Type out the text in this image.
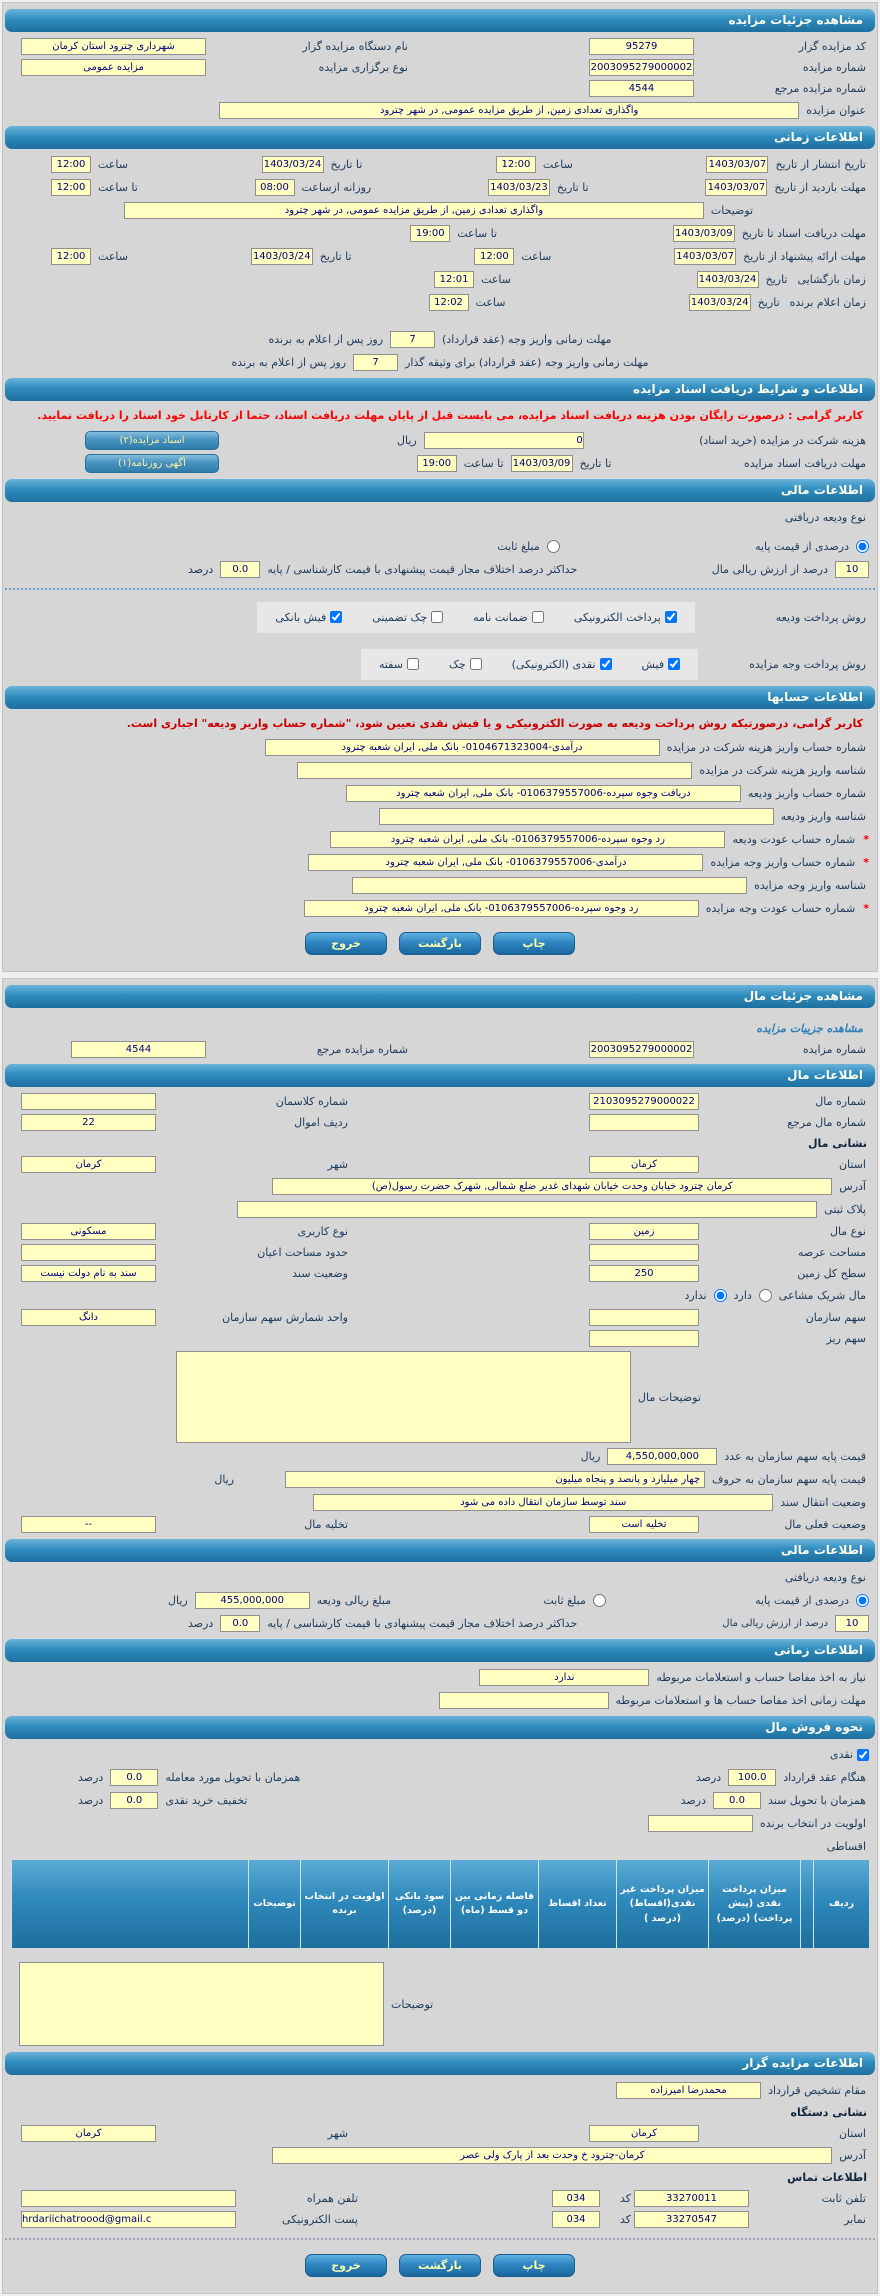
مشاهده جزئیات مزایده
کد مزایده گزار
95279
نام دستگاه مزایده گزار
شهرداری چترود استان کرمان
شماره مزایده
2003095279000002
نوع برگزاری مزایده
مزایده عمومی
شماره مزایده مرجع
4544
عنوان مزایده
واگذاری تعدادی زمین, از طریق مزایده عمومی, در شهر چترود
اطلاعات زمانی
تاریخ انتشار از تاریخ
1403/03/07
ساعت
12:00
تا تاریخ
1403/03/24
ساعت
12:00
مهلت بازدید از تاریخ
1403/03/07
تا تاریخ
1403/03/23
روزانه ازساعت
08:00
تا ساعت
12:00
توضیحات
واگذاری تعدادی زمین, از طریق مزایده عمومی, در شهر چترود
مهلت دریافت اسناد تا تاریخ
1403/03/09
تا ساعت
19:00
مهلت ارائه پیشنهاد از تاریخ
1403/03/07
ساعت
12:00
تا تاریخ
1403/03/24
ساعت
12:00
زمان بازگشایی
تاریخ
1403/03/24
ساعت
12:01
زمان اعلام برنده
تاریخ
1403/03/24
ساعت
12:02
مهلت زمانی واریز وجه (عقد قرارداد)
7
روز پس از اعلام به برنده
مهلت زمانی واریز وجه (عقد قرارداد) برای وثیقه گذار
7
روز پس از اعلام به برنده
اطلاعات و شرایط دریافت اسناد مزایده
کاربر گرامی : درصورت رایگان بودن هزینه دریافت اسناد مزایده، می بایست قبل از پایان مهلت دریافت اسناد، حتما از کارتابل خود اسناد را دریافت نمایید.
هزینه شرکت در مزایده (خرید اسناد)
0
ریال
اسناد مزایده(۲)
مهلت دریافت اسناد مزایده
تا تاریخ
1403/03/09
تا ساعت
19:00
آگهی روزنامه(۱)
اطلاعات مالی
نوع ودیعه دریافتی
درصدی از قیمت پایه
مبلغ ثابت
10
درصد از ارزش ریالی مال
حداکثر درصد اختلاف مجاز قیمت پیشنهادی با قیمت کارشناسی / پایه
0.0
درصد
روش پرداخت ودیعه
پرداخت الکترونیکی
ضمانت نامه
چک تضمینی
فیش بانکی
روش پرداخت وجه مزایده
فیش
نقدی (الکترونیکی)
چک
سفته
اطلاعات حسابها
کاربر گرامی، درصورتیکه روش پرداخت ودیعه به صورت الکترونیکی و یا فیش نقدی تعیین شود، "شماره حساب واریز ودیعه" اجباری است.
شماره حساب واریز هزینه شرکت در مزایده
درآمدی-0104671323004- بانک ملی, ایران شعبه چترود
شناسه واریز هزینه شرکت در مزایده
شماره حساب واریز ودیعه
دریافت وجوه سپرده-0106379557006- بانک ملی, ایران شعبه چترود
شناسه واریز ودیعه
*
شماره حساب عودت ودیعه
رد وجوه سپرده-0106379557006- بانک ملی, ایران شعبه چترود
*
شماره حساب واریز وجه مزایده
درآمدی-0106379557006- بانک ملی, ایران شعبه چترود
شناسه واریز وجه مزایده
*
شماره حساب عودت وجه مزایده
رد وجوه سپرده-0106379557006- بانک ملی, ایران شعبه چترود
چاپ
بازگشت
خروج
مشاهده جزئیات مال
مشاهده جزییات مزایده
شماره مزایده
2003095279000002
شماره مزایده مرجع
4544
اطلاعات مال
شماره مال
2103095279000022
شماره کلاسمان
شماره مال مرجع
ردیف اموال
22
نشانی مال
استان
کرمان
شهر
کرمان
آدرس
کرمان چترود خیابان وحدت خیابان شهدای غدیر ضلع شمالی, شهرک حضرت رسول(ص)
پلاک ثبتی
نوع مال
زمین
نوع کاربری
مسکونی
مساحت عرصه
حدود مساحت اعیان
سطح کل زمین
250
وضعیت سند
سند به نام دولت نیست
مال شریک مشاعی
دارد
ندارد
سهم سازمان
واحد شمارش سهم سازمان
دانگ
سهم ریز
توضیحات مال
قیمت پایه سهم سازمان به عدد
4,550,000,000
ریال
قیمت پایه سهم سازمان به حروف
چهار میلیارد و پانصد و پنجاه میلیون
ریال
وضعیت انتقال سند
سند توسط سازمان انتقال داده می شود
وضعیت فعلی مال
تخلیه است
تخلیه مال
--
اطلاعات مالی
نوع ودیعه دریافتی
درصدی از قیمت پایه
مبلغ ثابت
مبلغ ریالی ودیعه
455,000,000
ریال
10
درصد از ارزش ریالی مال
حداکثر درصد اختلاف مجاز قیمت پیشنهادی با قیمت کارشناسی / پایه
0.0
درصد
اطلاعات زمانی
نیاز به اخذ مفاصا حساب و استعلامات مربوطه
ندارد
مهلت زمانی اخذ مفاصا حساب ها و استعلامات مربوطه
نحوه فروش مال
نقدی
هنگام عقد قرارداد
100.0
درصد
همزمان با تحویل مورد معامله
0.0
درصد
همزمان با تحویل سند
0.0
درصد
تخفیف خرید نقدی
0.0
درصد
اولویت در انتخاب برنده
اقساطی
ردیف
میزان پرداخت نقدی (پیش پرداخت) (درصد)
میزان پرداخت غیر نقدی(اقساط) (درصد )
تعداد اقساط
فاصله زمانی بین دو قسط (ماه)
سود بانکی (درصد)
اولویت در انتخاب برنده
توضیحات
توضیحات
اطلاعات مزایده گزار
مقام تشخیص قرارداد
محمدرضا امیرزاده
نشانی دستگاه
استان
کرمان
شهر
کرمان
آدرس
کرمان-چترود خ وحدت بعد از پارک ولی عصر
اطلاعات تماس
تلفن ثابت
33270011
کد
034
تلفن همراه
نمابر
33270547
کد
034
پست الکترونیکی
hrdariichatroood@gmail.c
چاپ
بازگشت
خروج
